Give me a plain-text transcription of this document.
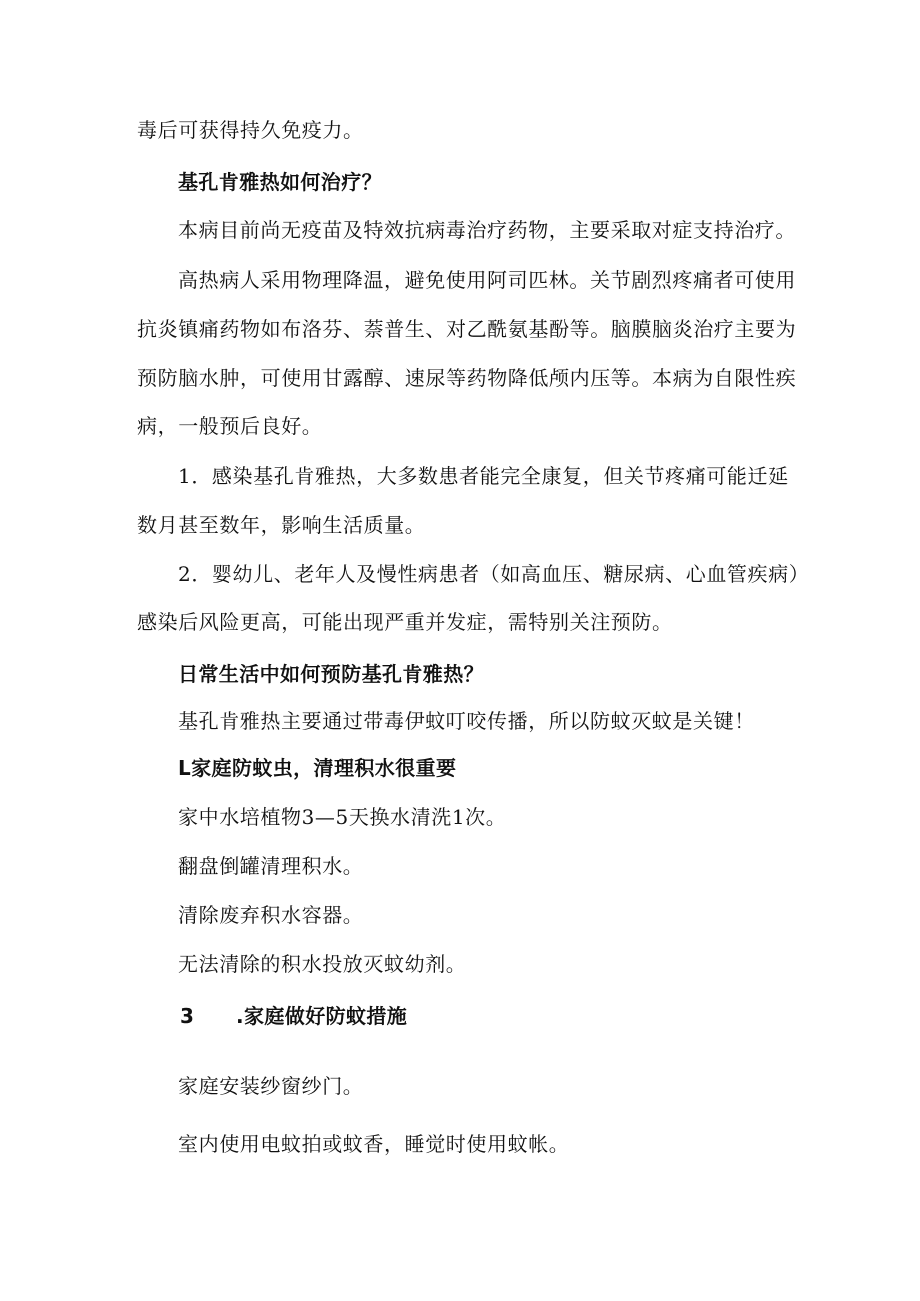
毒后可获得持久免疫力。
基孔肯雅热如何治疗？
本病目前尚无疫苗及特效抗病毒治疗药物，主要采取对症支持治疗。
高热病人采用物理降温，避免使用阿司匹林。关节剧烈疼痛者可使用
抗炎镇痛药物如布洛芬、萘普生、对乙酰氨基酚等。脑膜脑炎治疗主要为
预防脑水肿，可使用甘露醇、速尿等药物降低颅内压等。本病为自限性疾
病，一般预后良好。
1．感染基孔肯雅热，大多数患者能完全康复，但关节疼痛可能迁延
数月甚至数年，影响生活质量。
2．婴幼儿、老年人及慢性病患者（如高血压、糖尿病、心血管疾病）
感染后风险更高，可能出现严重并发症，需特别关注预防。
日常生活中如何预防基孔肯雅热？
基孔肯雅热主要通过带毒伊蚊叮咬传播，所以防蚊灭蚊是关键！
L家庭防蚊虫，清理积水很重要
家中水培植物3—5天换水清洗1次。
翻盘倒罐清理积水。
清除废弃积水容器。
无法清除的积水投放灭蚊幼剂。
3 .家庭做好防蚊措施
家庭安装纱窗纱门。
室内使用电蚊拍或蚊香，睡觉时使用蚊帐。
